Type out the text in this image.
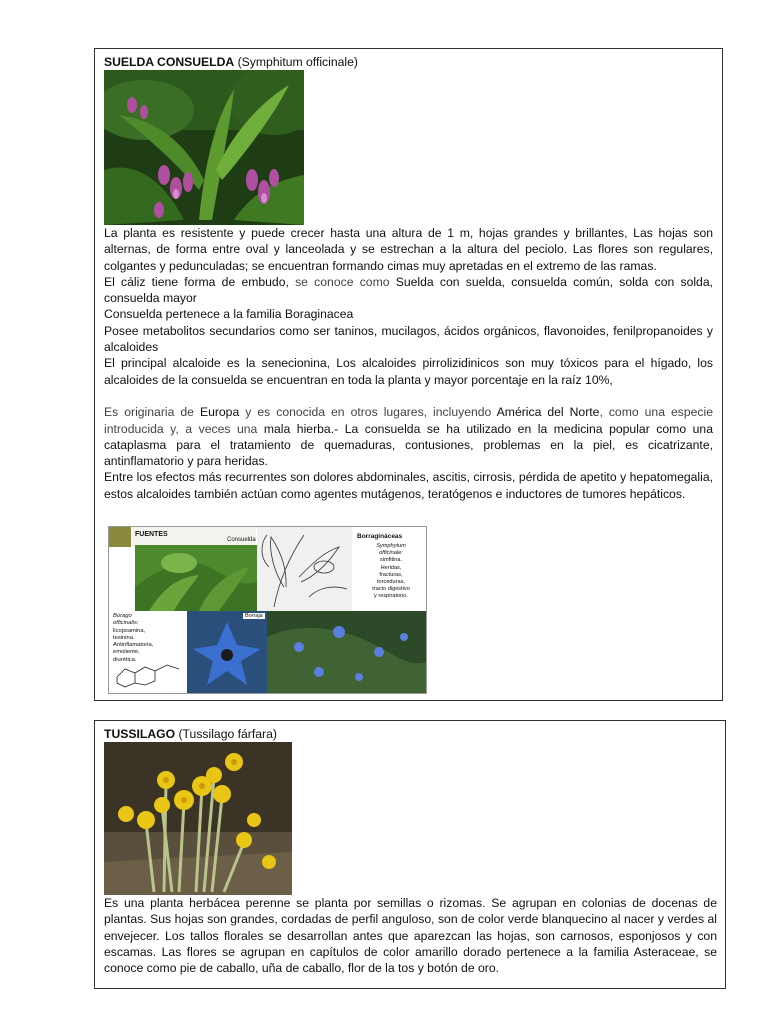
SUELDA CONSUELDA (Symphitum officinale)

La planta es resistente y puede crecer hasta una altura de 1 m, hojas grandes y brillantes, Las hojas son alternas, de forma entre oval y lanceolada y se estrechan a la altura del peciolo. Las flores son regulares, colgantes y pedunculadas; se encuentran formando cimas muy apretadas en el extremo de las ramas.

El cáliz tiene forma de embudo, se conoce como Suelda con suelda, consuelda común, solda con solda, consuelda mayor

Consuelda pertenece a la familia Boraginacea

Posee metabolitos secundarios como ser taninos, mucilagos, ácidos orgánicos, flavonoides, fenilpropanoides y alcaloides

El principal alcaloide es la senecionina, Los alcaloides pirrolizidinicos son muy tóxicos para el hígado, los alcaloides de la consuelda se encuentran en toda la planta y mayor porcentaje en la raíz 10%,

Es originaria de Europa y es conocida en otros lugares, incluyendo América del Norte, como una especie introducida y, a veces una mala hierba.- La consuelda se ha utilizado en la medicina popular como una cataplasma para el tratamiento de quemaduras, contusiones, problemas en la piel, es cicatrizante, antinflamatorio y para heridas.

Entre los efectos más recurrentes son dolores abdominales, ascitis, cirrosis, pérdida de apetito y hepatomegalia, estos alcaloides también actúan como agentes mutágenos, teratógenos e inductores de tumores hepáticos.

FUENTES
Consuelda	Borragináceas
Symphytum
officinale:
simfitina.
Heridas,
fracturas,
torceduras,
tracto digestivo
y respiratorio.
Borago
officinalis:
licopsamina,
tesinina.
Antinflamatoria,
emoliente,
diurética.
Borraja
TUSSILAGO (Tussilago fárfara)

Es una planta herbácea perenne se planta por semillas o rizomas. Se agrupan en colonias de docenas de plantas. Sus hojas son grandes, cordadas de perfil anguloso, son de color verde blanquecino al nacer y verdes al envejecer. Los tallos florales se desarrollan antes que aparezcan las hojas, son carnosos, esponjosos y con escamas. Las flores se agrupan en capítulos de color amarillo dorado pertenece a la familia Asteraceae, se conoce como pie de caballo, uña de caballo, flor de la tos y botón de oro.
